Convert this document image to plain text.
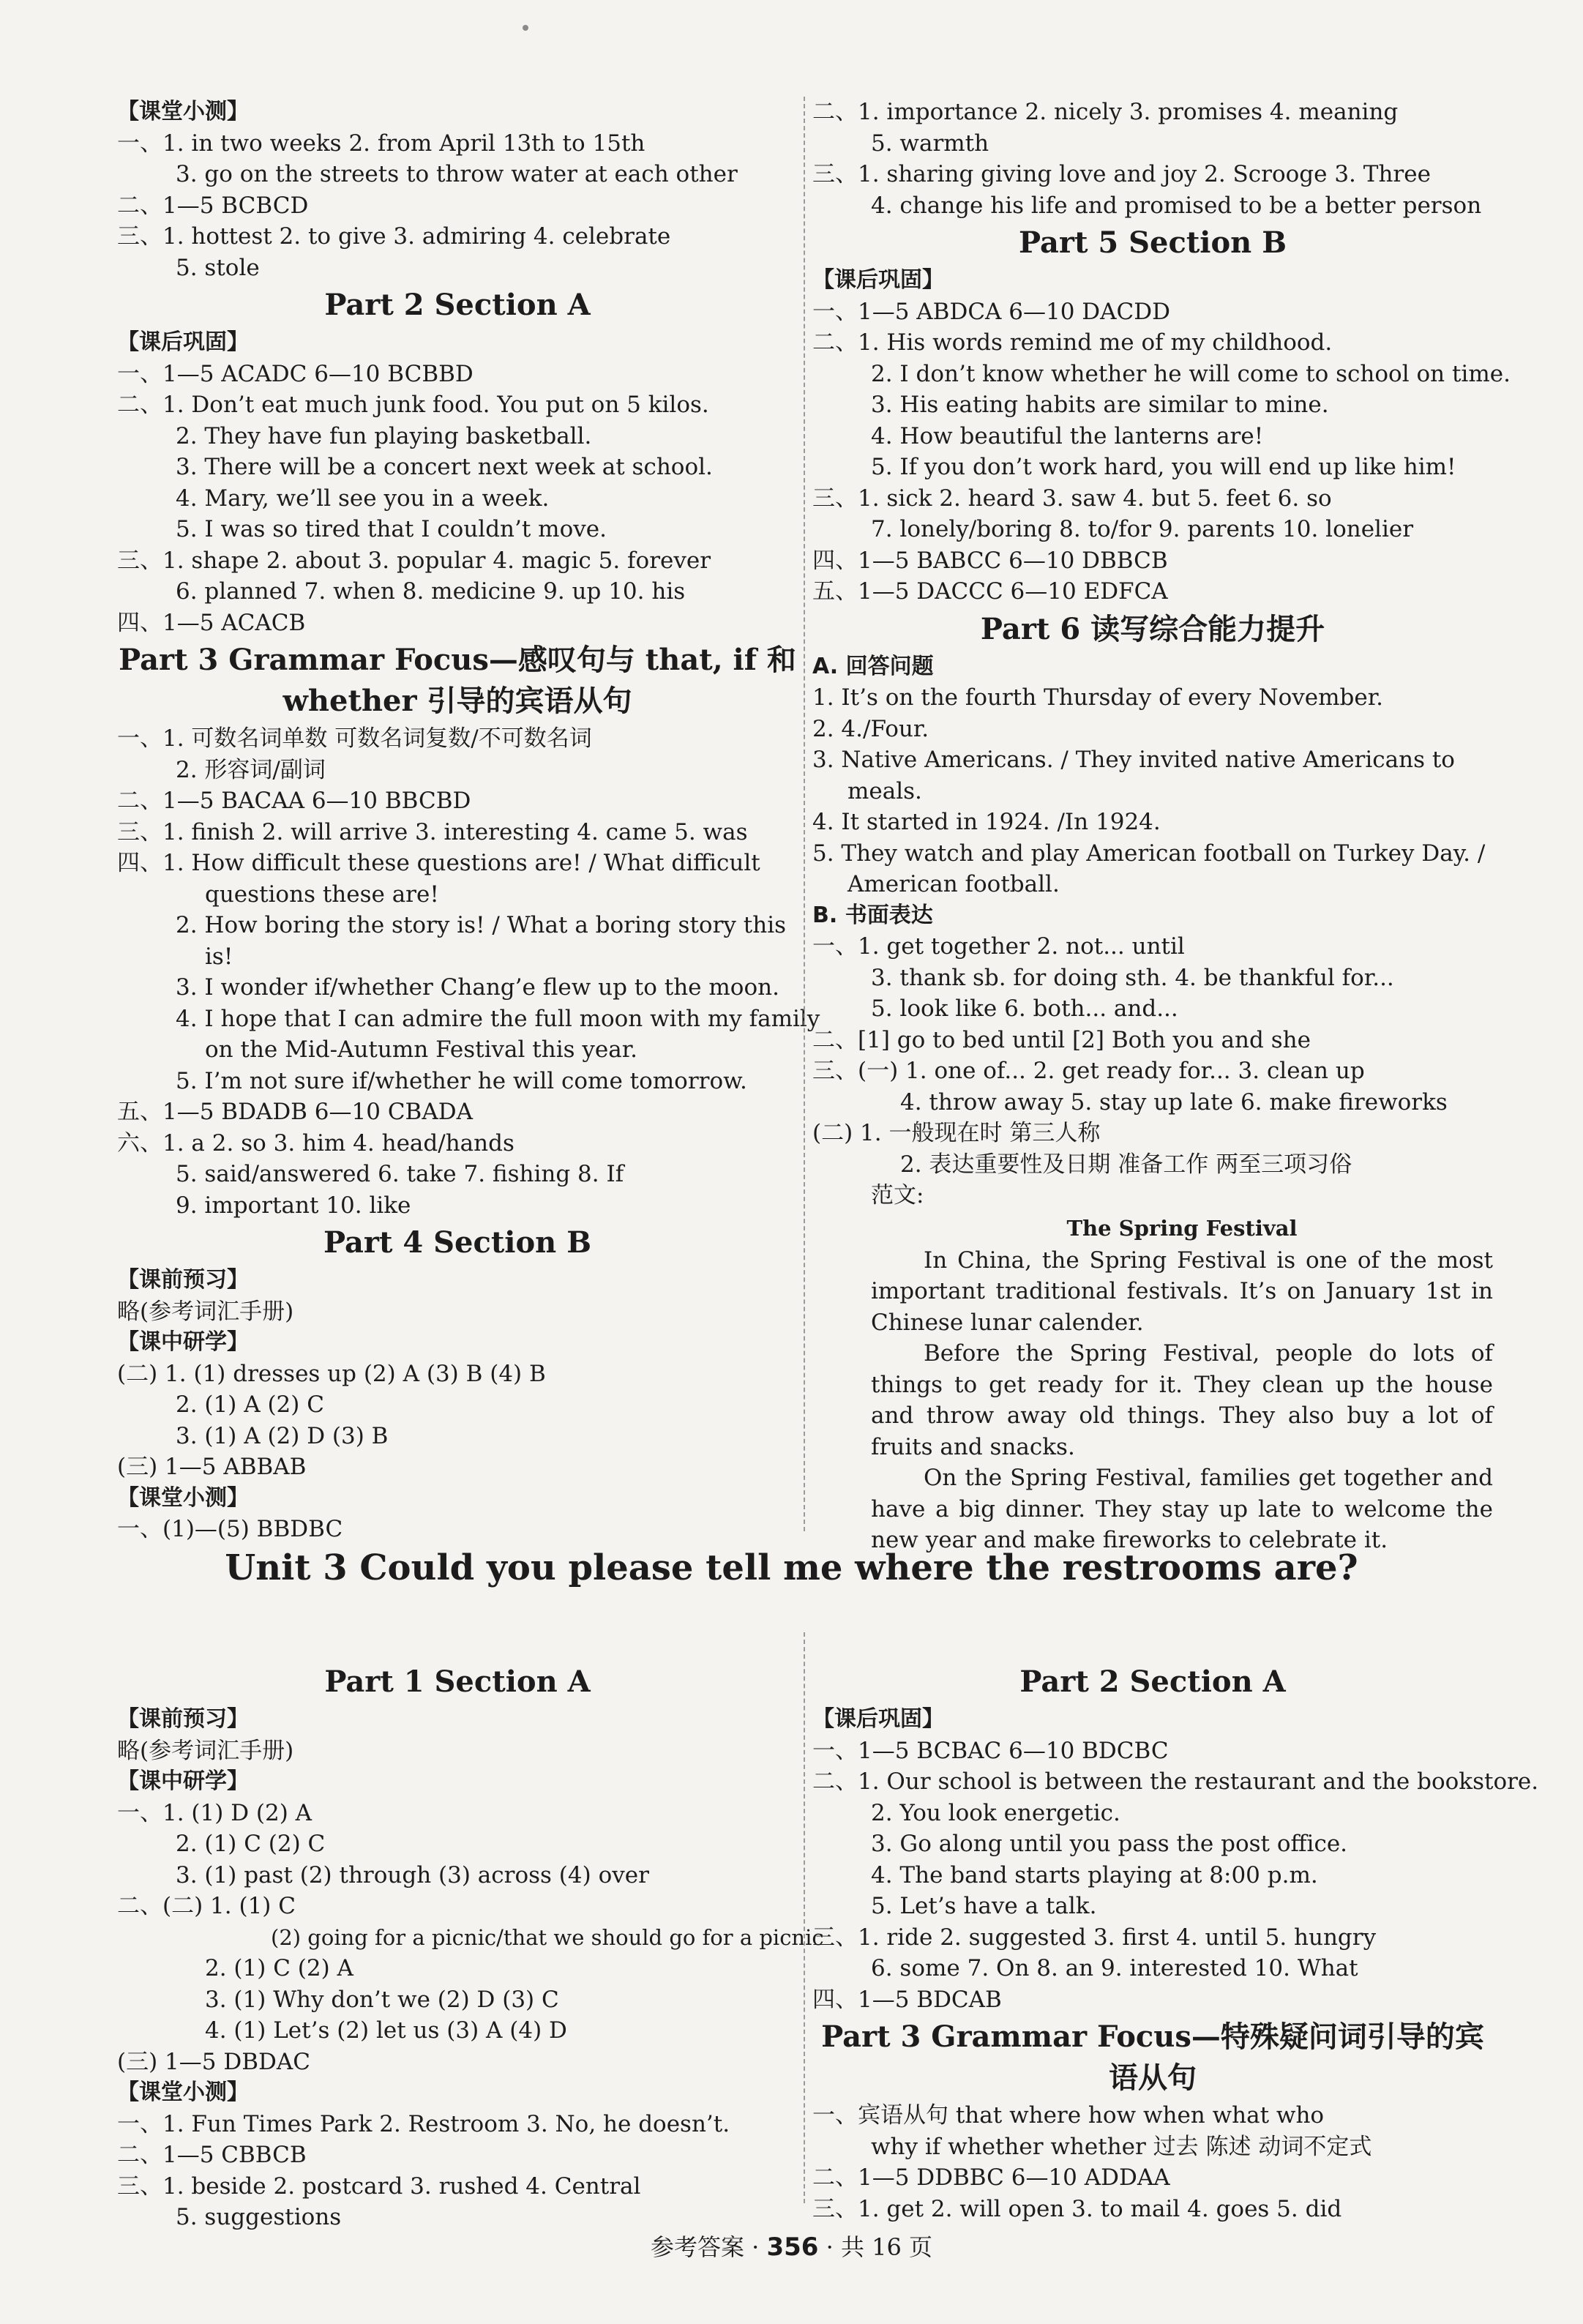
【课堂小测】
一、1. in two weeks 2. from April 13th to 15th
3. go on the streets to throw water at each other
二、1—5 BCBCD
三、1. hottest 2. to give 3. admiring 4. celebrate
5. stole
Part 2 Section A
【课后巩固】
一、1—5 ACADC 6—10 BCBBD
二、1. Don’t eat much junk food. You put on 5 kilos.
2. They have fun playing basketball.
3. There will be a concert next week at school.
4. Mary, we’ll see you in a week.
5. I was so tired that I couldn’t move.
三、1. shape 2. about 3. popular 4. magic 5. forever
6. planned 7. when 8. medicine 9. up 10. his
四、1—5 ACACB
Part 3 Grammar Focus—感叹句与 that, if 和 whether 引导的宾语从句
一、1. 可数名词单数 可数名词复数/不可数名词
2. 形容词/副词
二、1—5 BACAA 6—10 BBCBD
三、1. finish 2. will arrive 3. interesting 4. came 5. was
四、1. How difficult these questions are! / What difficult
questions these are!
2. How boring the story is! / What a boring story this
is!
3. I wonder if/whether Chang’e flew up to the moon.
4. I hope that I can admire the full moon with my family
on the Mid-Autumn Festival this year.
5. I’m not sure if/whether he will come tomorrow.
五、1—5 BDADB 6—10 CBADA
六、1. a 2. so 3. him 4. head/hands
5. said/answered 6. take 7. fishing 8. If
9. important 10. like
Part 4 Section B
【课前预习】
略(参考词汇手册)
【课中研学】
(二) 1. (1) dresses up (2) A (3) B (4) B
2. (1) A (2) C
3. (1) A (2) D (3) B
(三) 1—5 ABBAB
【课堂小测】
一、(1)—(5) BBDBC
二、1. importance 2. nicely 3. promises 4. meaning
5. warmth
三、1. sharing giving love and joy 2. Scrooge 3. Three
4. change his life and promised to be a better person
Part 5 Section B
【课后巩固】
一、1—5 ABDCA 6—10 DACDD
二、1. His words remind me of my childhood.
2. I don’t know whether he will come to school on time.
3. His eating habits are similar to mine.
4. How beautiful the lanterns are!
5. If you don’t work hard, you will end up like him!
三、1. sick 2. heard 3. saw 4. but 5. feet 6. so
7. lonely/boring 8. to/for 9. parents 10. lonelier
四、1—5 BABCC 6—10 DBBCB
五、1—5 DACCC 6—10 EDFCA
Part 6 读写综合能力提升
A. 回答问题
1. It’s on the fourth Thursday of every November.
2. 4./Four.
3. Native Americans. / They invited native Americans to
meals.
4. It started in 1924. /In 1924.
5. They watch and play American football on Turkey Day. /
American football.
B. 书面表达
一、1. get together 2. not... until
3. thank sb. for doing sth. 4. be thankful for...
5. look like 6. both... and...
二、[1] go to bed until [2] Both you and she
三、(一) 1. one of... 2. get ready for... 3. clean up
4. throw away 5. stay up late 6. make fireworks
(二) 1. 一般现在时 第三人称
2. 表达重要性及日期 准备工作 两至三项习俗
范文:
The Spring Festival
In China, the Spring Festival is one of the most important traditional festivals. It’s on January 1st in Chinese lunar calender.
Before the Spring Festival, people do lots of things to get ready for it. They clean up the house and throw away old things. They also buy a lot of fruits and snacks.
On the Spring Festival, families get together and have a big dinner. They stay up late to welcome the new year and make fireworks to celebrate it.
Unit 3 Could you please tell me where the restrooms are?
Part 1 Section A
【课前预习】
略(参考词汇手册)
【课中研学】
一、1. (1) D (2) A
2. (1) C (2) C
3. (1) past (2) through (3) across (4) over
二、(二) 1. (1) C
(2) going for a picnic/that we should go for a picnic
2. (1) C (2) A
3. (1) Why don’t we (2) D (3) C
4. (1) Let’s (2) let us (3) A (4) D
(三) 1—5 DBDAC
【课堂小测】
一、1. Fun Times Park 2. Restroom 3. No, he doesn’t.
二、1—5 CBBCB
三、1. beside 2. postcard 3. rushed 4. Central
5. suggestions
Part 2 Section A
【课后巩固】
一、1—5 BCBAC 6—10 BDCBC
二、1. Our school is between the restaurant and the bookstore.
2. You look energetic.
3. Go along until you pass the post office.
4. The band starts playing at 8:00 p.m.
5. Let’s have a talk.
三、1. ride 2. suggested 3. first 4. until 5. hungry
6. some 7. On 8. an 9. interested 10. What
四、1—5 BDCAB
Part 3 Grammar Focus—特殊疑问词引导的宾语从句
一、宾语从句 that where how when what who
why if whether whether 过去 陈述 动词不定式
二、1—5 DDBBC 6—10 ADDAA
三、1. get 2. will open 3. to mail 4. goes 5. did
参考答案 · 356 · 共 16 页
